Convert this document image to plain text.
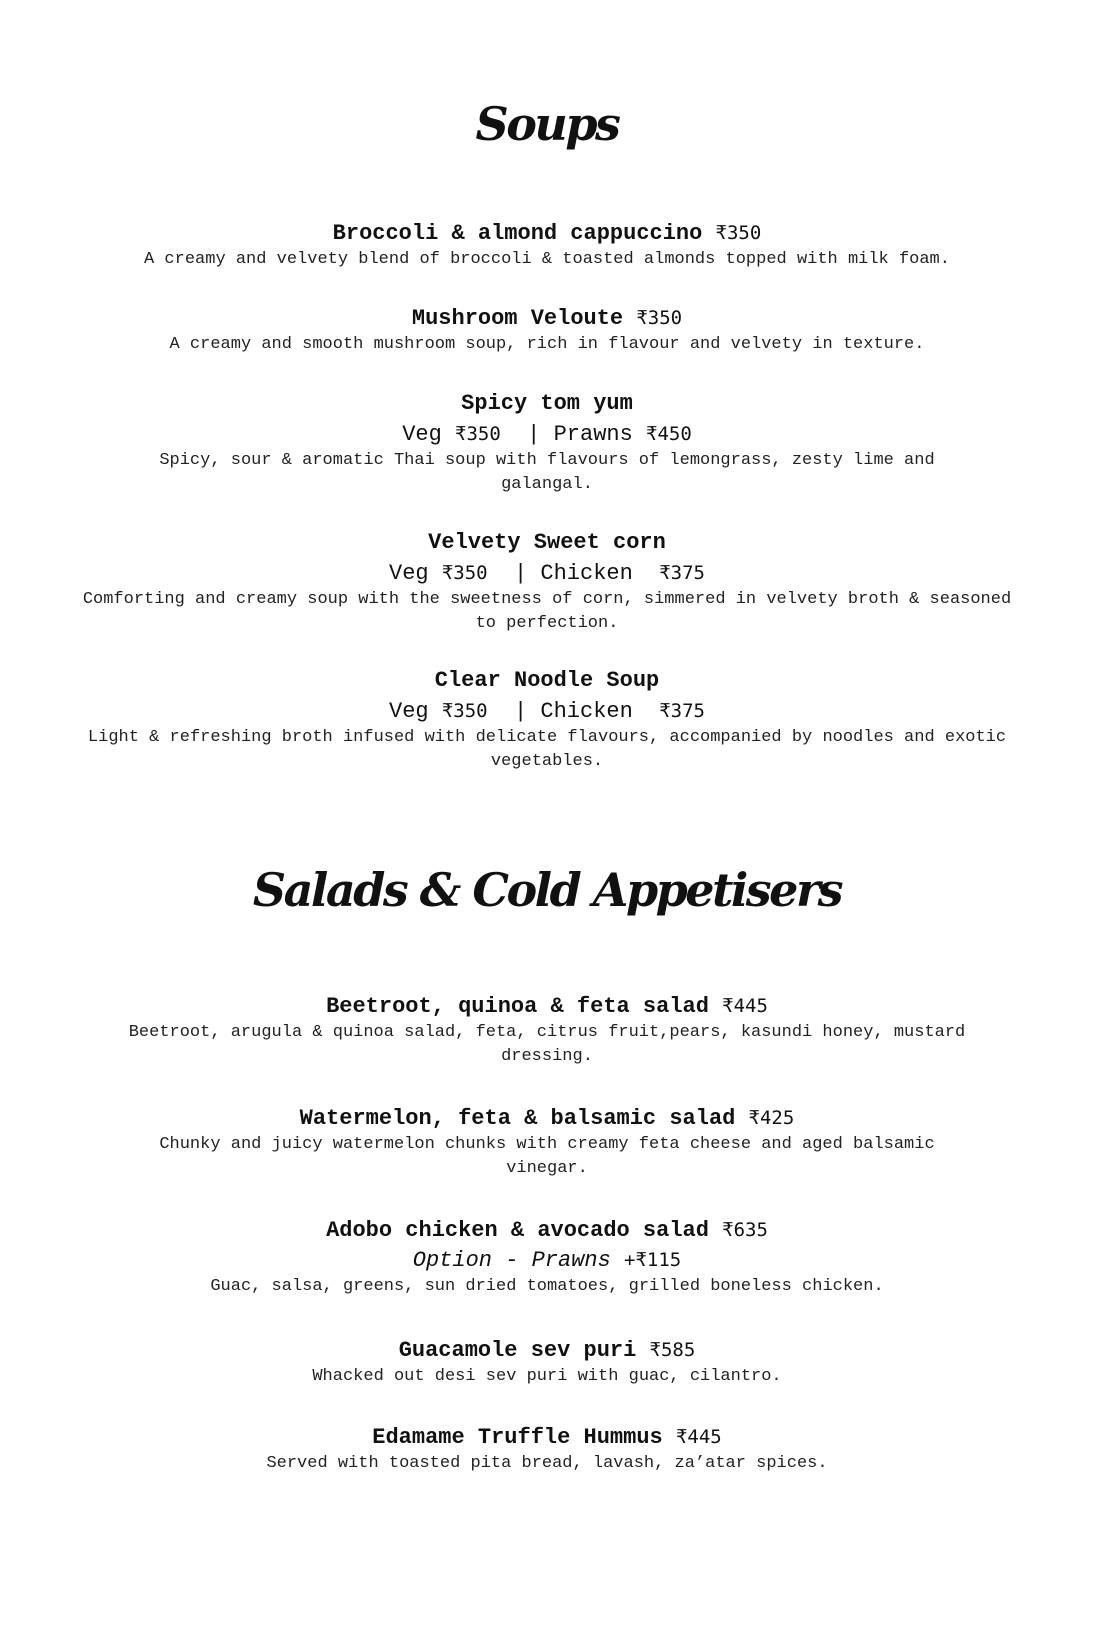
Soups
Broccoli & almond cappuccino ₹350
A creamy and velvety blend of broccoli & toasted almonds topped with milk foam.
Mushroom Veloute ₹350
A creamy and smooth mushroom soup, rich in flavour and velvety in texture.
Spicy tom yum
Veg ₹350  | Prawns ₹450
Spicy, sour & aromatic Thai soup with flavours of lemongrass, zesty lime and galangal.
Velvety Sweet corn
Veg ₹350  | Chicken  ₹375
Comforting and creamy soup with the sweetness of corn, simmered in velvety broth & seasoned to perfection.
Clear Noodle Soup
Veg ₹350  | Chicken  ₹375
Light & refreshing broth infused with delicate flavours, accompanied by noodles and exotic vegetables.
Salads & Cold Appetisers
Beetroot, quinoa & feta salad ₹445
Beetroot, arugula & quinoa salad, feta, citrus fruit,pears, kasundi honey, mustard dressing.
Watermelon, feta & balsamic salad ₹425
Chunky and juicy watermelon chunks with creamy feta cheese and aged balsamic vinegar.
Adobo chicken & avocado salad ₹635
Option - Prawns +₹115
Guac, salsa, greens, sun dried tomatoes, grilled boneless chicken.
Guacamole sev puri ₹585
Whacked out desi sev puri with guac, cilantro.
Edamame Truffle Hummus ₹445
Served with toasted pita bread, lavash, za’atar spices.
